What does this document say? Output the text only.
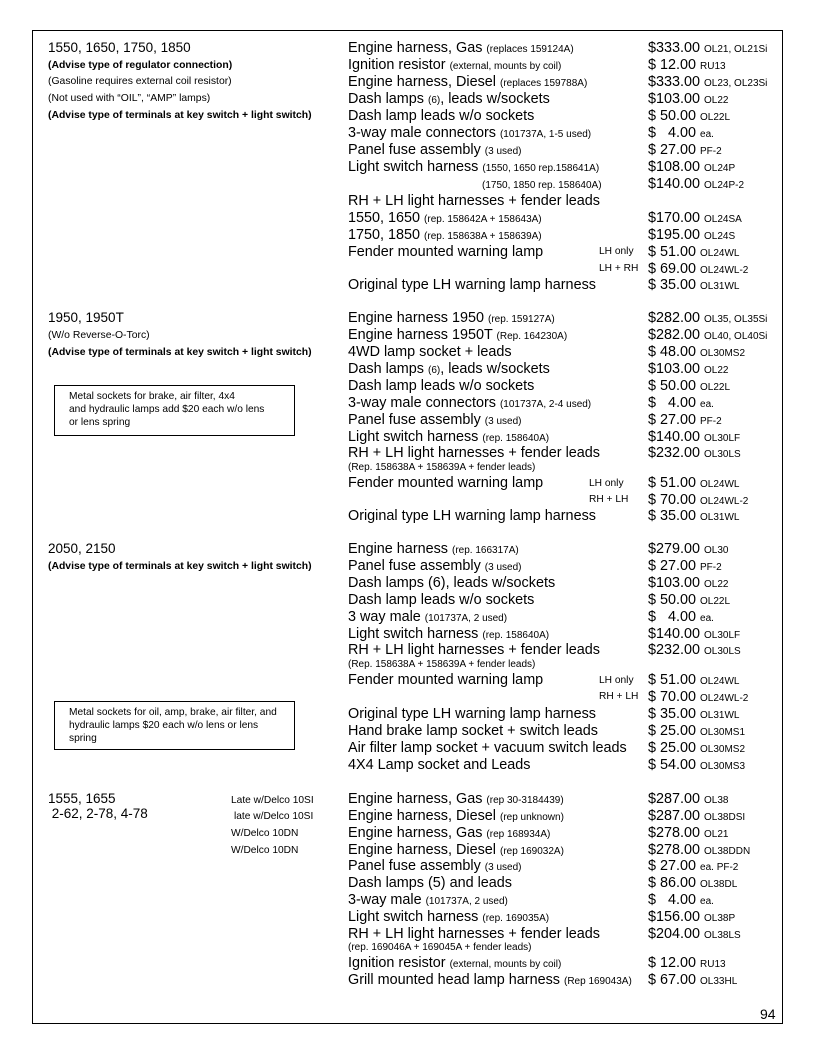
1550, 1650, 1750, 1850
(Advise type of regulator connection)
(Gasoline requires external coil resistor)
(Not used with “OIL”, “AMP” lamps)
(Advise type of terminals at key switch + light switch)
Engine harness, Gas (replaces 159124A)	$333.00 OL21, OL21Si
Ignition resistor (external, mounts by coil)	$ 12.00 RU13
Engine harness, Diesel (replaces 159788A)	$333.00 OL23, OL23Si
Dash lamps (6), leads w/sockets	$103.00 OL22
Dash lamp leads w/o sockets	$ 50.00 OL22L
3-way male connectors (101737A, 1-5 used)	$   4.00 ea.
Panel fuse assembly (3 used)	$ 27.00 PF-2
Light switch harness (1550, 1650 rep.158641A)	$108.00 OL24P
(1750, 1850 rep. 158640A)	$140.00 OL24P-2
RH + LH light harnesses + fender leads
1550, 1650 (rep. 158642A + 158643A)	$170.00 OL24SA
1750, 1850 (rep. 158638A + 158639A)	$195.00 OL24S
Fender mounted warning lamp	LH only $ 51.00 OL24WL
LH + RH $ 69.00 OL24WL-2
Original type LH warning lamp harness	$ 35.00 OL31WL
1950, 1950T
(W/o Reverse-O-Torc)
(Advise type of terminals at key switch + light switch)
Metal sockets for brake, air filter, 4x4
and hydraulic lamps add $20 each w/o lens
or lens spring
Engine harness 1950 (rep. 159127A)	$282.00 OL35, OL35Si
Engine harness 1950T (Rep. 164230A)	$282.00 OL40, OL40Si
4WD lamp socket + leads	$ 48.00 OL30MS2
Dash lamps (6), leads w/sockets	$103.00 OL22
Dash lamp leads w/o sockets	$ 50.00 OL22L
3-way male connectors (101737A, 2-4 used)	$   4.00 ea.
Panel fuse assembly (3 used)	$ 27.00 PF-2
Light switch harness (rep. 158640A)	$140.00 OL30LF
RH + LH light harnesses + fender leads	$232.00 OL30LS
(Rep. 158638A + 158639A + fender leads)
Fender mounted warning lamp	LH only $ 51.00 OL24WL
RH + LH $ 70.00 OL24WL-2
Original type LH warning lamp harness	$ 35.00 OL31WL
2050, 2150
(Advise type of terminals at key switch + light switch)
Metal sockets for oil, amp, brake, air filter, and
hydraulic lamps $20 each w/o lens or lens
spring
Engine harness (rep. 166317A)	$279.00 OL30
Panel fuse assembly (3 used)	$ 27.00 PF-2
Dash lamps (6), leads w/sockets	$103.00 OL22
Dash lamp leads w/o sockets	$ 50.00 OL22L
3 way male (101737A, 2 used)	$   4.00 ea.
Light switch harness (rep. 158640A)	$140.00 OL30LF
RH + LH light harnesses + fender leads	$232.00 OL30LS
(Rep. 158638A + 158639A + fender leads)
Fender mounted warning lamp	LH only $ 51.00 OL24WL
RH + LH $ 70.00 OL24WL-2
Original type LH warning lamp harness	$ 35.00 OL31WL
Hand brake lamp socket + switch leads	$ 25.00 OL30MS1
Air filter lamp socket + vacuum switch leads $ 25.00 OL30MS2
4X4 Lamp socket and Leads	$ 54.00 OL30MS3
1555, 1655
2-62, 2-78, 4-78
Late w/Delco 10SI
late w/Delco 10SI
W/Delco 10DN
W/Delco 10DN
Engine harness, Gas (rep 30-3184439)	$287.00 OL38
Engine harness, Diesel (rep unknown)	$287.00 OL38DSI
Engine harness, Gas (rep 168934A)	$278.00 OL21
Engine harness, Diesel (rep 169032A)	$278.00 OL38DDN
Panel fuse assembly (3 used)	$ 27.00 ea. PF-2
Dash lamps (5) and leads	$ 86.00 OL38DL
3-way male (101737A, 2 used)	$   4.00 ea.
Light switch harness (rep. 169035A)	$156.00 OL38P
RH + LH light harnesses + fender leads	$204.00 OL38LS
(rep. 169046A + 169045A + fender leads)
Ignition resistor (external, mounts by coil)	$ 12.00 RU13
Grill mounted head lamp harness (Rep 169043A) $ 67.00 OL33HL
94
